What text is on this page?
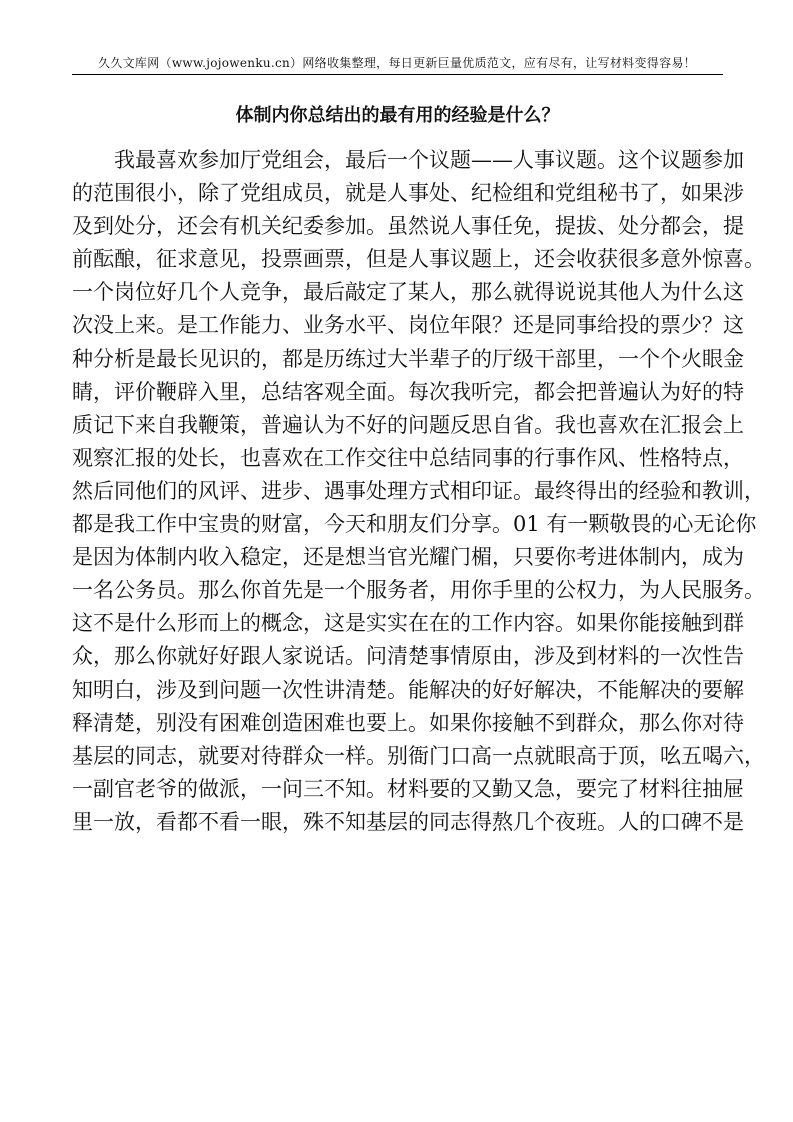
久久文库网（www.jojowenku.cn）网络收集整理，每日更新巨量优质范文，应有尽有，让写材料变得容易！
体制内你总结出的最有用的经验是什么？
我最喜欢参加厅党组会，最后一个议题——人事议题。这个议题参加
的范围很小，除了党组成员，就是人事处、纪检组和党组秘书了，如果涉
及到处分，还会有机关纪委参加。虽然说人事任免，提拔、处分都会，提
前酝酿，征求意见，投票画票，但是人事议题上，还会收获很多意外惊喜。
一个岗位好几个人竞争，最后敲定了某人，那么就得说说其他人为什么这
次没上来。是工作能力、业务水平、岗位年限？还是同事给投的票少？这
种分析是最长见识的，都是历练过大半辈子的厅级干部里，一个个火眼金
睛，评价鞭辟入里，总结客观全面。每次我听完，都会把普遍认为好的特
质记下来自我鞭策，普遍认为不好的问题反思自省。我也喜欢在汇报会上
观察汇报的处长，也喜欢在工作交往中总结同事的行事作风、性格特点，
然后同他们的风评、进步、遇事处理方式相印证。最终得出的经验和教训，
都是我工作中宝贵的财富，今天和朋友们分享。01 有一颗敬畏的心无论你
是因为体制内收入稳定，还是想当官光耀门楣，只要你考进体制内，成为
一名公务员。那么你首先是一个服务者，用你手里的公权力，为人民服务。
这不是什么形而上的概念，这是实实在在的工作内容。如果你能接触到群
众，那么你就好好跟人家说话。问清楚事情原由，涉及到材料的一次性告
知明白，涉及到问题一次性讲清楚。能解决的好好解决，不能解决的要解
释清楚，别没有困难创造困难也要上。如果你接触不到群众，那么你对待
基层的同志，就要对待群众一样。别衙门口高一点就眼高于顶，吆五喝六，
一副官老爷的做派，一问三不知。材料要的又勤又急，要完了材料往抽屉
里一放，看都不看一眼，殊不知基层的同志得熬几个夜班。人的口碑不是
